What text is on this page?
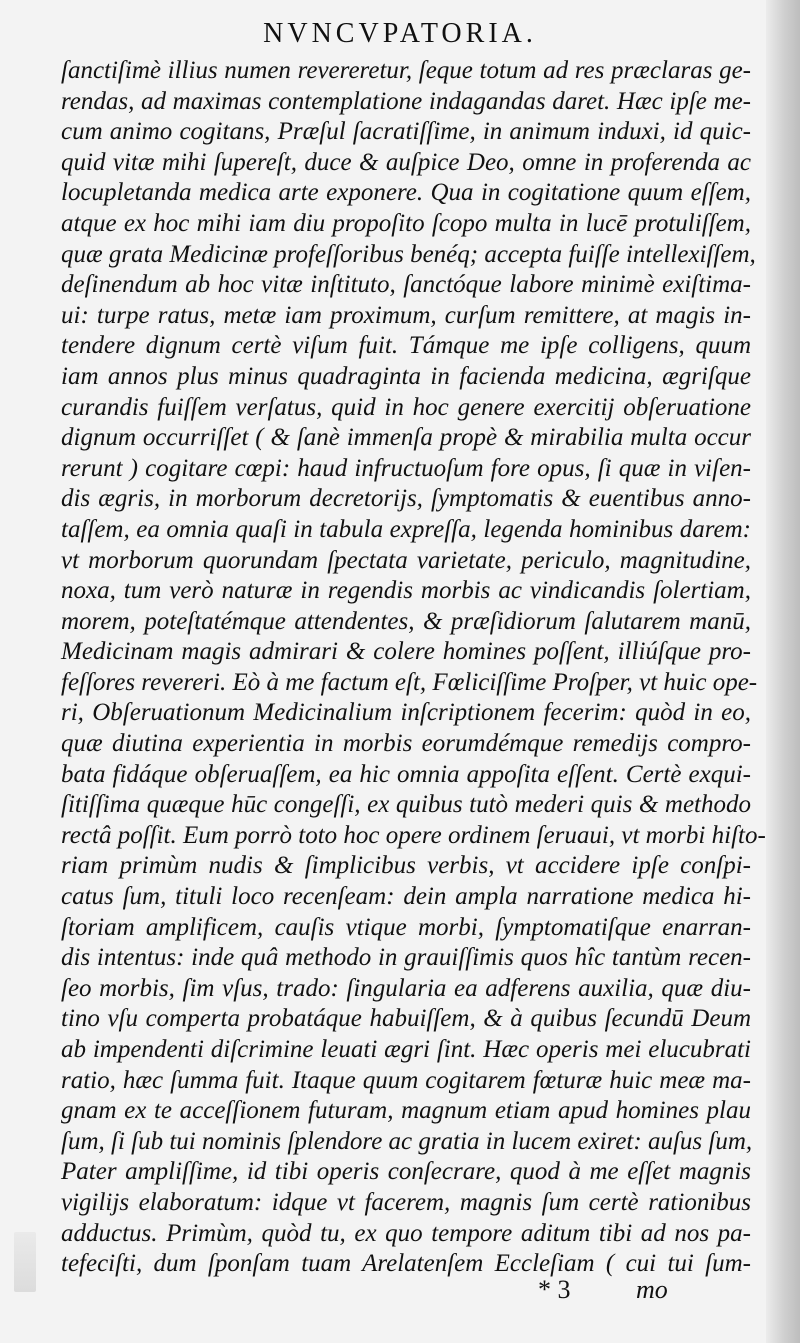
NVNCVPATORIA.
ſanctiſimè illius numen revereretur, ſeque totum ad res præclaras ge-
rendas, ad maximas contemplatione indagandas daret. Hæc ipſe me-
cum animo cogitans, Præſul ſacratiſſime, in animum induxi, id quic-
quid vitæ mihi ſupereſt, duce & auſpice Deo, omne in proferenda ac
locupletanda medica arte exponere. Qua in cogitatione quum eſſem,
atque ex hoc mihi iam diu propoſito ſcopo multa in lucē protuliſſem,
quæ grata Medicinæ profeſſoribus benéq; accepta fuiſſe intellexiſſem,
deſinendum ab hoc vitæ inſtituto, ſanctóque labore minimè exiſtima-
ui: turpe ratus, metæ iam proximum, curſum remittere, at magis in-
tendere dignum certè viſum fuit. Támque me ipſe colligens, quum
iam annos plus minus quadraginta in facienda medicina, ægriſque
curandis fuiſſem verſatus, quid in hoc genere exercitij obſeruatione
dignum occurriſſet ( & ſanè immenſa propè & mirabilia multa occur
rerunt ) cogitare cœpi: haud infructuoſum fore opus, ſi quæ in viſen-
dis ægris, in morborum decretorijs, ſymptomatis & euentibus anno-
taſſem, ea omnia quaſi in tabula expreſſa, legenda hominibus darem:
vt morborum quorundam ſpectata varietate, periculo, magnitudine,
noxa, tum verò naturæ in regendis morbis ac vindicandis ſolertiam,
morem, poteſtatémque attendentes, & præſidiorum ſalutarem manū,
Medicinam magis admirari & colere homines poſſent, illiúſque pro-
feſſores revereri. Eò à me factum eſt, Fœliciſſime Proſper, vt huic ope-
ri, Obſeruationum Medicinalium inſcriptionem fecerim: quòd in eo,
quæ diutina experientia in morbis eorumdémque remedijs compro-
bata fidáque obſeruaſſem, ea hic omnia appoſita eſſent. Certè exqui-
ſitiſſima quæque hūc congeſſi, ex quibus tutò mederi quis & methodo
rectâ poſſit. Eum porrò toto hoc opere ordinem ſeruaui, vt morbi hiſto-
riam primùm nudis & ſimplicibus verbis, vt accidere ipſe conſpi-
catus ſum, tituli loco recenſeam: dein ampla narratione medica hi-
ſtoriam amplificem, cauſis vtique morbi, ſymptomatiſque enarran-
dis intentus: inde quâ methodo in grauiſſimis quos hîc tantùm recen-
ſeo morbis, ſim vſus, trado: ſingularia ea adferens auxilia, quæ diu-
tino vſu comperta probatáque habuiſſem, & à quibus ſecundū Deum
ab impendenti diſcrimine leuati ægri ſint. Hæc operis mei elucubrati
ratio, hæc ſumma fuit. Itaque quum cogitarem fœturæ huic meæ ma-
gnam ex te acceſſionem futuram, magnum etiam apud homines plau
ſum, ſi ſub tui nominis ſplendore ac gratia in lucem exiret: auſus ſum,
Pater ampliſſime, id tibi operis conſecrare, quod à me eſſet magnis
vigilijs elaboratum: idque vt facerem, magnis ſum certè rationibus
adductus. Primùm, quòd tu, ex quo tempore aditum tibi ad nos pa-
tefeciſti, dum ſponſam tuam Arelatenſem Eccleſiam ( cui tui ſum-
* 3	mo
